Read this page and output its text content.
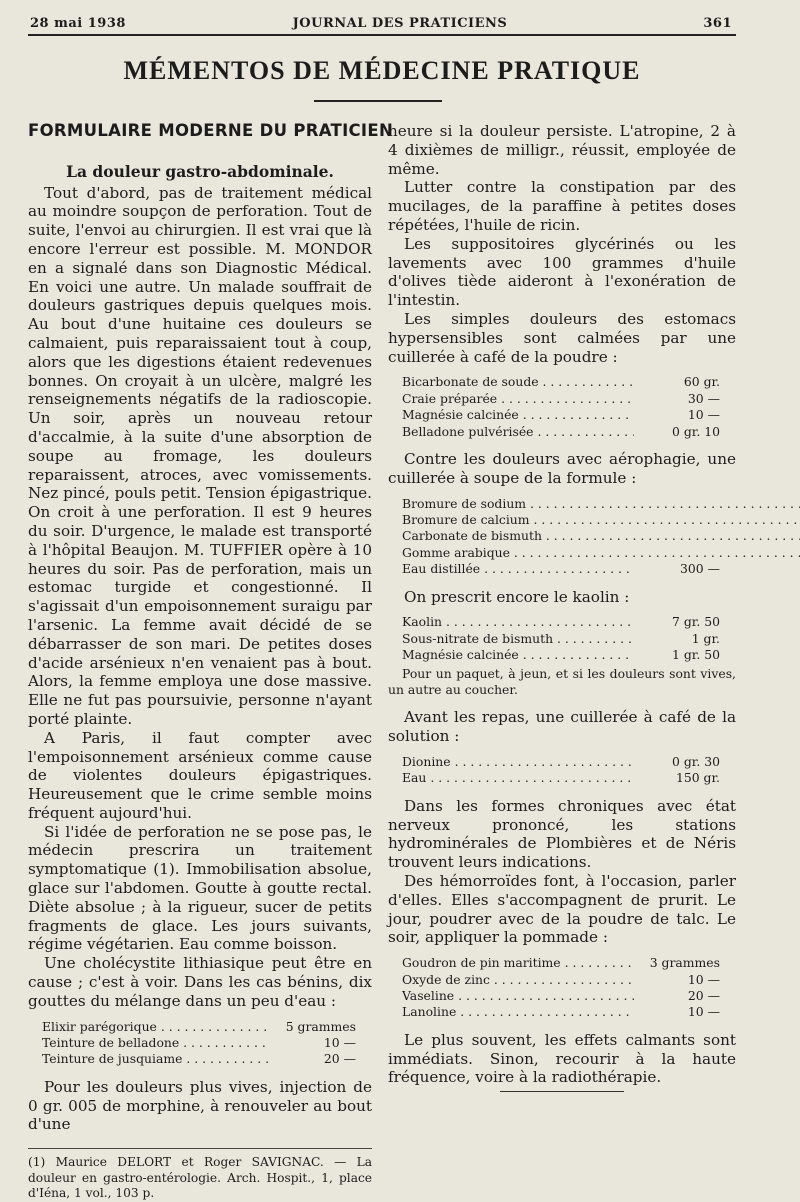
28 mai 1938	JOURNAL DES PRATICIENS	361
MÉMENTOS DE MÉDECINE PRATIQUE
FORMULAIRE MODERNE DU PRATICIEN
La douleur gastro-abdominale.

Tout d'abord, pas de traitement médical au moindre soupçon de perforation. Tout de suite, l'envoi au chirurgien. Il est vrai que là encore l'erreur est possible. M. MONDOR en a signalé dans son Diagnostic Médical. En voici une autre. Un malade souffrait de douleurs gastriques depuis quelques mois. Au bout d'une huitaine ces douleurs se calmaient, puis reparaissaient tout à coup, alors que les digestions étaient redevenues bonnes. On croyait à un ulcère, malgré les renseignements négatifs de la radioscopie. Un soir, après un nouveau retour d'accalmie, à la suite d'une absorption de soupe au fromage, les douleurs reparaissent, atroces, avec vomissements. Nez pincé, pouls petit. Tension épigastrique. On croit à une perforation. Il est 9 heures du soir. D'urgence, le malade est transporté à l'hôpital Beaujon. M. TUFFIER opère à 10 heures du soir. Pas de perforation, mais un estomac turgide et congestionné. Il s'agissait d'un empoisonnement suraigu par l'arsenic. La femme avait décidé de se débarrasser de son mari. De petites doses d'acide arsénieux n'en venaient pas à bout. Alors, la femme employa une dose massive. Elle ne fut pas poursuivie, personne n'ayant porté plainte.

A Paris, il faut compter avec l'empoisonnement arsénieux comme cause de violentes douleurs épigastriques. Heureusement que le crime semble moins fréquent aujourd'hui.

Si l'idée de perforation ne se pose pas, le médecin prescrira un traitement symptomatique (1). Immobilisation absolue, glace sur l'abdomen. Goutte à goutte rectal. Diète absolue ; à la rigueur, sucer de petits fragments de glace. Les jours suivants, régime végétarien. Eau comme boisson.

Une cholécystite lithiasique peut être en cause ; c'est à voir. Dans les cas bénins, dix gouttes du mélange dans un peu d'eau :

Elixir parégorique . . .	5 grammes
Teinture de belladone . . .	10 —
Teinture de jusquiame . . .	20 —

Pour les douleurs plus vives, injection de 0 gr. 005 de morphine, à renouveler au bout d'une

(1) Maurice DELORT et Roger SAVIGNAC. — La douleur en gastro-entérologie. Arch. Hospit., 1, place d'Iéna, 1 vol., 103 p.

heure si la douleur persiste. L'atropine, 2 à 4 dixièmes de milligr., réussit, employée de même.

Lutter contre la constipation par des mucilages, de la paraffine à petites doses répétées, l'huile de ricin.

Les suppositoires glycérinés ou les lavements avec 100 grammes d'huile d'olives tiède aideront à l'exonération de l'intestin.

Les simples douleurs des estomacs hypersensibles sont calmées par une cuillerée à café de la poudre :

Bicarbonate de soude . . .	60 gr.
Craie préparée . . .	30 —
Magnésie calcinée . . .	10 —
Belladone pulvérisée . . .	0 gr. 10

Contre les douleurs avec aérophagie, une cuillerée à soupe de la formule :

Bromure de sodium . . .
Bromure de calcium . . .
Carbonate de bismuth . . .
Gomme arabique . . .
Eau distillée . . .	300 —

On prescrit encore le kaolin :

Kaolin . . .	7 gr. 50
Sous-nitrate de bismuth . . .	1 gr.
Magnésie calcinée . . .	1 gr. 50
Pour un paquet, à jeun, et si les douleurs sont vives, un autre au coucher.

Avant les repas, une cuillerée à café de la solution :

Dionine . . .	0 gr. 30
Eau . . .	150 gr.

Dans les formes chroniques avec état nerveux prononcé, les stations hydrominérales de Plombières et de Néris trouvent leurs indications.

Des hémorroïdes font, à l'occasion, parler d'elles. Elles s'accompagnent de prurit. Le jour, poudrer avec de la poudre de talc. Le soir, appliquer la pommade :

Goudron de pin maritime . . .	3 grammes
Oxyde de zinc . . .	10 —
Vaseline . . .	20 —
Lanoline . . .	10 —

Le plus souvent, les effets calmants sont immédiats. Sinon, recourir à la haute fréquence, voire à la radiothérapie.
